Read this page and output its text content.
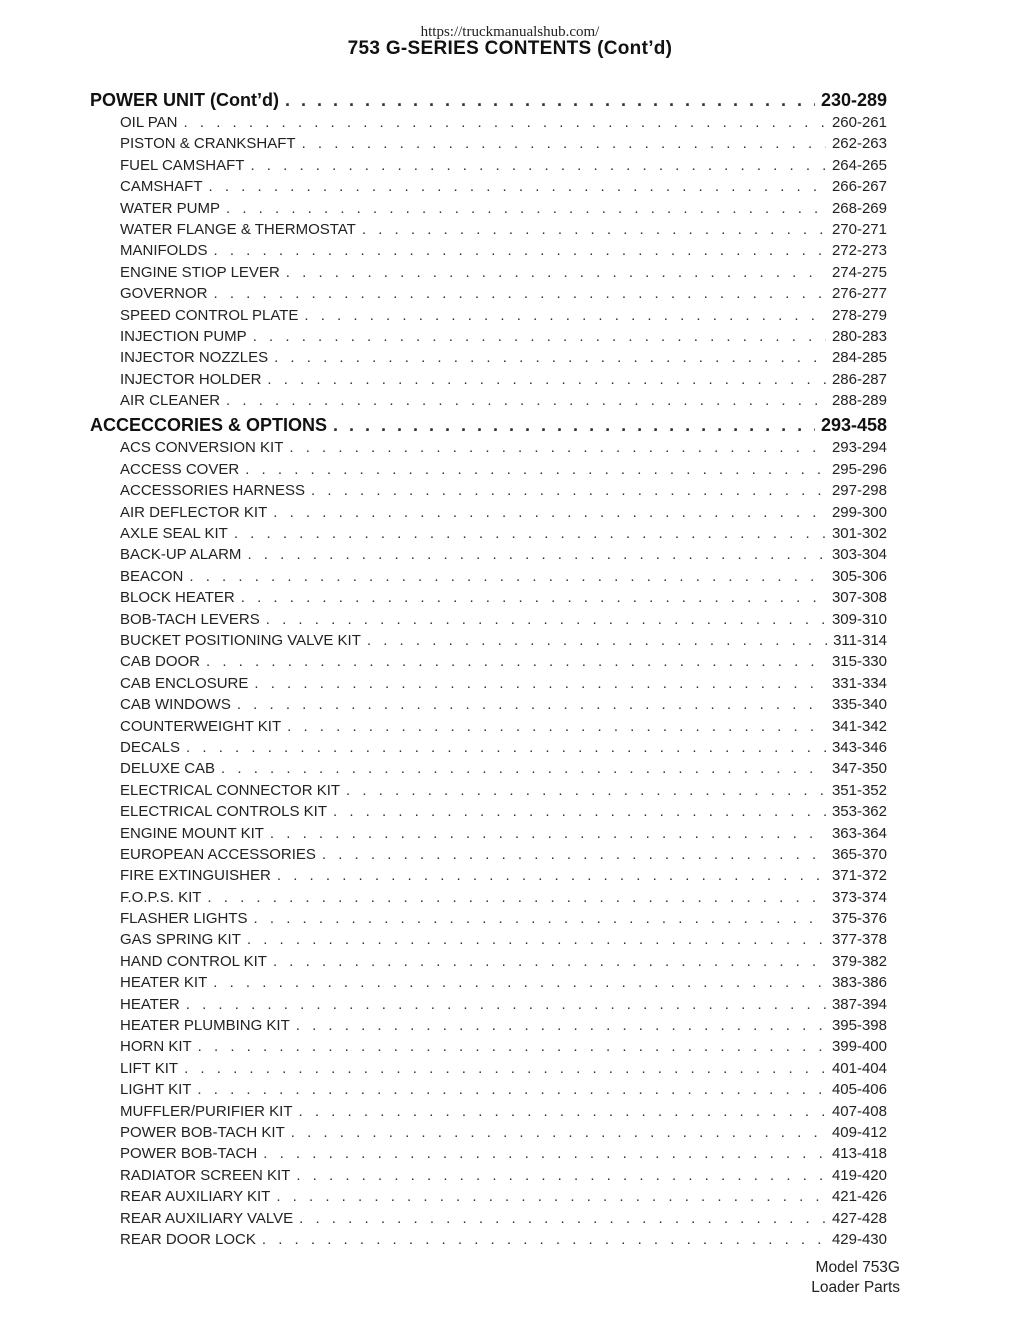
https://truckmanualshub.com/
753 G-SERIES CONTENTS (Cont’d)
POWER UNIT (Cont’d) . . .	230-289
OIL PAN . . .	260-261
PISTON & CRANKSHAFT . . .	262-263
FUEL CAMSHAFT . . .	264-265
CAMSHAFT . . .	266-267
WATER PUMP . . .	268-269
WATER FLANGE & THERMOSTAT . . .	270-271
MANIFOLDS . . .	272-273
ENGINE STIOP LEVER . . .	274-275
GOVERNOR . . .	276-277
SPEED CONTROL PLATE . . .	278-279
INJECTION PUMP . . .	280-283
INJECTOR NOZZLES . . .	284-285
INJECTOR HOLDER . . .	286-287
AIR CLEANER . . .	288-289
ACCECCORIES & OPTIONS . . .	293-458
ACS CONVERSION KIT . . .	293-294
ACCESS COVER . . .	295-296
ACCESSORIES HARNESS . . .	297-298
AIR DEFLECTOR KIT . . .	299-300
AXLE SEAL KIT . . .	301-302
BACK-UP ALARM . . .	303-304
BEACON . . .	305-306
BLOCK HEATER . . .	307-308
BOB-TACH LEVERS . . .	309-310
BUCKET POSITIONING VALVE KIT . . .	311-314
CAB DOOR . . .	315-330
CAB ENCLOSURE . . .	331-334
CAB WINDOWS . . .	335-340
COUNTERWEIGHT KIT . . .	341-342
DECALS . . .	343-346
DELUXE CAB . . .	347-350
ELECTRICAL CONNECTOR KIT . . .	351-352
ELECTRICAL CONTROLS KIT . . .	353-362
ENGINE MOUNT KIT . . .	363-364
EUROPEAN ACCESSORIES . . .	365-370
FIRE EXTINGUISHER . . .	371-372
F.O.P.S. KIT . . .	373-374
FLASHER LIGHTS . . .	375-376
GAS SPRING KIT . . .	377-378
HAND CONTROL KIT . . .	379-382
HEATER KIT . . .	383-386
HEATER . . .	387-394
HEATER PLUMBING KIT . . .	395-398
HORN KIT . . .	399-400
LIFT KIT . . .	401-404
LIGHT KIT . . .	405-406
MUFFLER/PURIFIER KIT . . .	407-408
POWER BOB-TACH KIT . . .	409-412
POWER BOB-TACH . . .	413-418
RADIATOR SCREEN KIT . . .	419-420
REAR AUXILIARY KIT . . .	421-426
REAR AUXILIARY VALVE . . .	427-428
REAR DOOR LOCK . . .	429-430
Model 753G
Loader Parts
